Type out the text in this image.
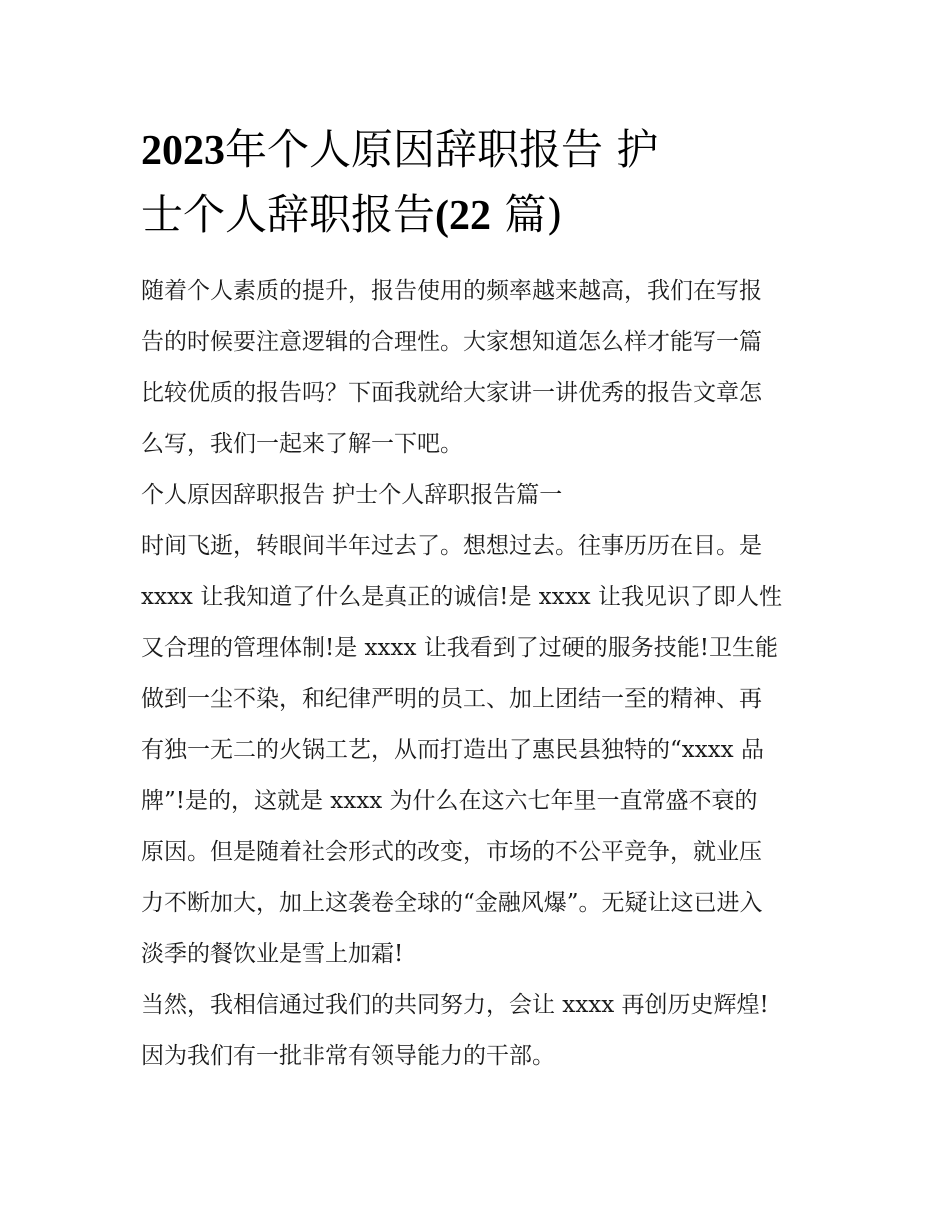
2023年个人原因辞职报告 护
士个人辞职报告(22 篇)

随着个人素质的提升，报告使用的频率越来越高，我们在写报
告的时候要注意逻辑的合理性。大家想知道怎么样才能写一篇
比较优质的报告吗？下面我就给大家讲一讲优秀的报告文章怎
么写，我们一起来了解一下吧。

个人原因辞职报告 护士个人辞职报告篇一

时间飞逝，转眼间半年过去了。想想过去。往事历历在目。是
xxxx 让我知道了什么是真正的诚信!是 xxxx 让我见识了即人性
又合理的管理体制!是 xxxx 让我看到了过硬的服务技能!卫生能
做到一尘不染，和纪律严明的员工、加上团结一至的精神、再
有独一无二的火锅工艺，从而打造出了惠民县独特的“xxxx 品
牌”!是的，这就是 xxxx 为什么在这六七年里一直常盛不衰的
原因。但是随着社会形式的改变，市场的不公平竞争，就业压
力不断加大，加上这袭卷全球的“金融风爆”。无疑让这已进入
淡季的餐饮业是雪上加霜!

当然，我相信通过我们的共同努力，会让 xxxx 再创历史辉煌!
因为我们有一批非常有领导能力的干部。
